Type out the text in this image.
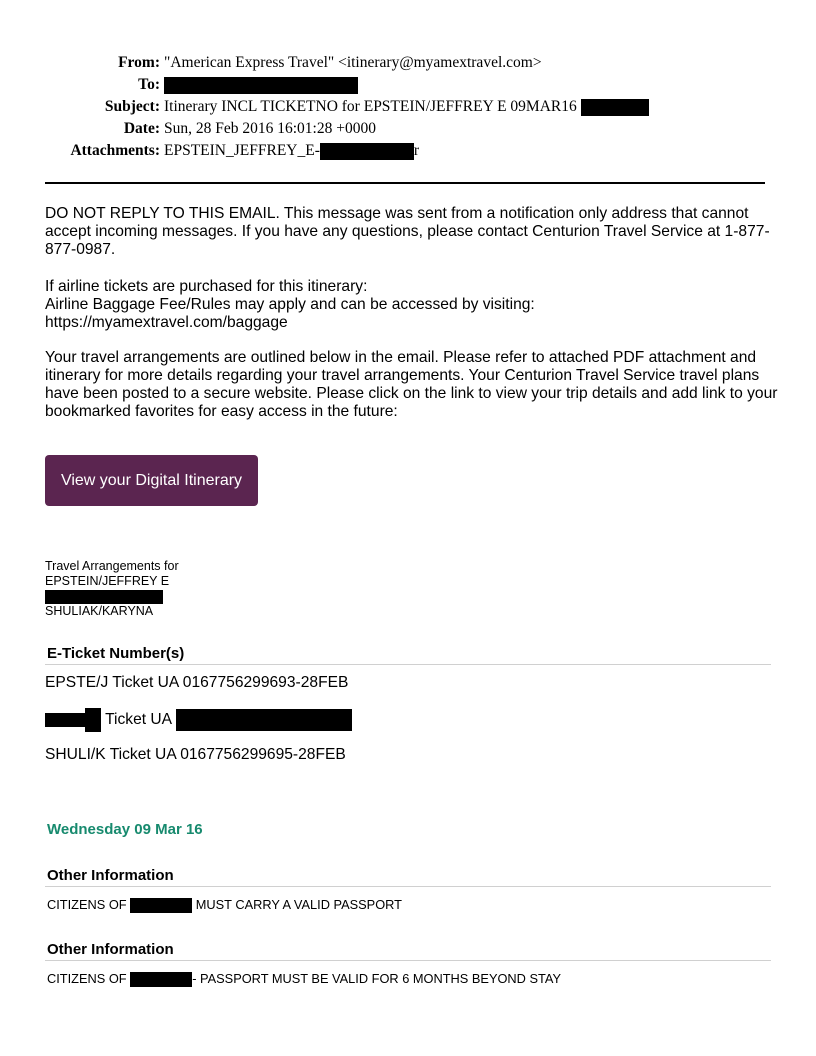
From: "American Express Travel" <itinerary@myamextravel.com>
To:
Subject: Itinerary INCL TICKETNO for EPSTEIN/JEFFREY E 09MAR16
Date: Sun, 28 Feb 2016 16:01:28 +0000
Attachments: EPSTEIN_JEFFREY_E-	r

DO NOT REPLY TO THIS EMAIL. This message was sent from a notification only address that cannot accept incoming messages. If you have any questions, please contact Centurion Travel Service at 1-877-877-0987.

If airline tickets are purchased for this itinerary:
Airline Baggage Fee/Rules may apply and can be accessed by visiting:
https://myamextravel.com/baggage

Your travel arrangements are outlined below in the email. Please refer to attached PDF attachment and itinerary for more details regarding your travel arrangements. Your Centurion Travel Service travel plans have been posted to a secure website. Please click on the link to view your trip details and add link to your bookmarked favorites for easy access in the future:

View your Digital Itinerary
Travel Arrangements for
EPSTEIN/JEFFREY E
SHULIAK/KARYNA
E-Ticket Number(s)
EPSTE/J Ticket UA 0167756299693-28FEB
Ticket UA
SHULI/K Ticket UA 0167756299695-28FEB
Wednesday 09 Mar 16
Other Information
CITIZENS OF	MUST CARRY A VALID PASSPORT
Other Information
CITIZENS OF	- PASSPORT MUST BE VALID FOR 6 MONTHS BEYOND STAY
